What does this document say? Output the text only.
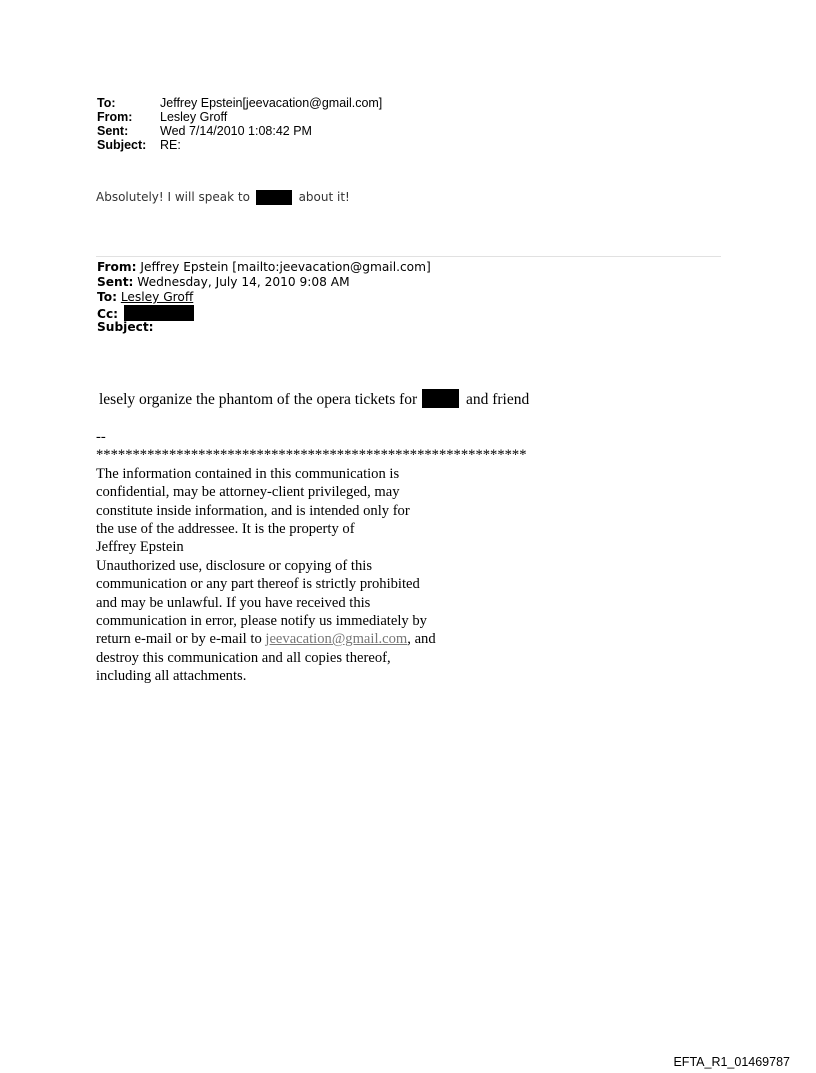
To:	Jeffrey Epstein[jeevacation@gmail.com]
From: Lesley Groff
Sent:	Wed 7/14/2010 1:08:42 PM
Subject: RE:
Absolutely! I will speak to	about it!
From: Jeffrey Epstein [mailto:jeevacation@gmail.com]
Sent: Wednesday, July 14, 2010 9:08 AM
To: Lesley Groff
Cc:
Subject:
lesely organize the phantom of the opera tickets for	and friend
--
***********************************************************
The information contained in this communication is
confidential, may be attorney-client privileged, may
constitute inside information, and is intended only for
the use of the addressee. It is the property of
Jeffrey Epstein
Unauthorized use, disclosure or copying of this
communication or any part thereof is strictly prohibited
and may be unlawful. If you have received this
communication in error, please notify us immediately by
return e-mail or by e-mail to jeevacation@gmail.com, and
destroy this communication and all copies thereof,
including all attachments.
EFTA_R1_01469787
